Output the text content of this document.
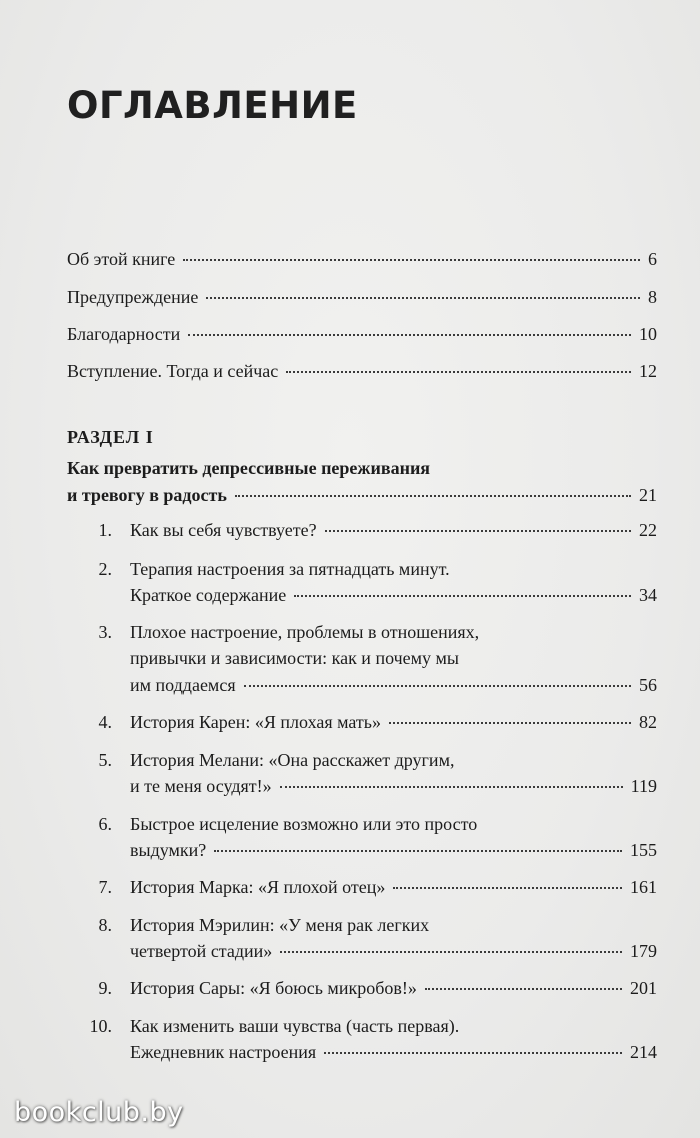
ОГЛАВЛЕНИЕ
Об этой книге	6
Предупреждение	8
Благодарности	10
Вступление. Тогда и сейчас	12
РАЗДЕЛ I
Как превратить депрессивные переживания
и тревогу в радость	21
1. Как вы себя чувствуете?	22
2. Терапия настроения за пятнадцать минут.
Краткое содержание	34
3. Плохое настроение, проблемы в отношениях,
привычки и зависимости: как и почему мы
им поддаемся	56
4. История Карен: «Я плохая мать»	82
5. История Мелани: «Она расскажет другим,
и те меня осудят!»	119
6. Быстрое исцеление возможно или это просто
выдумки?	155
7. История Марка: «Я плохой отец»	161
8. История Мэрилин: «У меня рак легких
четвертой стадии»	179
9. История Сары: «Я боюсь микробов!»	201
10. Как изменить ваши чувства (часть первая).
Ежедневник настроения	214
bookclub.by
